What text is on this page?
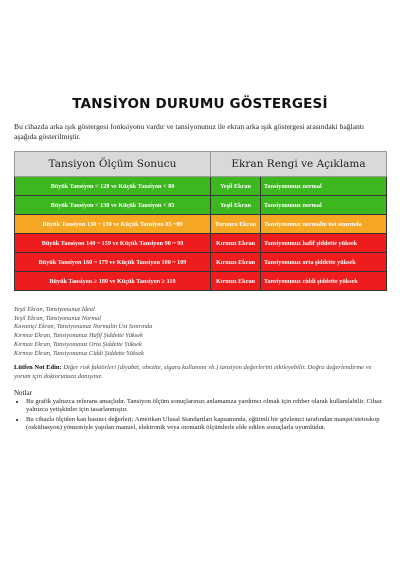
TANSİYON DURUMU GÖSTERGESİ
Bu cihazda arka ışık göstergesi fonksiyonu vardır ve tansiyonunuz ile ekran arka ışık göstergesi arasındaki bağlantı aşağıda gösterilmiştir.
Tansiyon Ölçüm Sonucu	Ekran Rengi ve Açıklama	
Büyük Tansiyon < 120 ve Küçük Tansiyon < 80	Yeşil Ekran	Tansiyonunuz normal
Büyük Tansiyon < 130 ve Küçük Tansiyon < 85	Yeşil Ekran	Tansiyonunuz normal
Büyük Tansiyon 130 ~ 139 ve Küçük Tansiyon 85 ~89	Turuncu Ekran	Tansiyonunuz normalin üst sınırında
Büyük Tansiyon 140 ~ 159 ve Küçük Tansiyon 90 ~ 99	Kırmızı Ekran	Tansiyonunuz hafif şiddette yüksek
Büyük Tansiyon 160 ~ 179 ve Küçük Tansiyon 100 ~ 109	Kırmızı Ekran	Tansiyonunuz orta şiddette yüksek
Büyük Tansiyon ≥ 180 ve Küçük Tansiyon ≥ 110	Kırmızı Ekran	Tansiyonunuz ciddi şiddette yüksek
Yeşil Ekran, Tansiyonunuz İdeal
Yeşil Ekran, Tansiyonunuz Normal
Kavuniçi Ekran, Tansiyonunuz Normalin Üst Sınırında
Kırmızı Ekran, Tansiyonunuz Hafif Şiddette Yüksek
Kırmızı Ekran, Tansiyonunuz Orta Şiddette Yüksek
Kırmızı Ekran, Tansiyonunuz Ciddi Şiddette Yüksek
Lütfen Not Edin: Diğer risk faktörleri (diyabet, obezite, sigara kullanımı vb.) tansiyon değerlerini etkileyebilir. Doğru değerlendirme ve yorum için doktorunuza danışınız.
Notlar
• Bu grafik yalnızca referans amaçlıdır. Tansiyon ölçüm sonuçlarınızı anlamanıza yardımcı olmak için rehber olarak kullanılabilir. Cihaz yalnızca yetişkinler için tasarlanmıştır.
• Bu cihazla ölçülen kan basıncı değerleri; Amerikan Ulusal Standartları kapsamında, eğitimli bir gözlemci tarafından manşet/stetoskop (oskültasyon) yöntemiyle yapılan manuel, elektronik veya otomatik ölçümlerle elde edilen sonuçlarla uyumludur.
